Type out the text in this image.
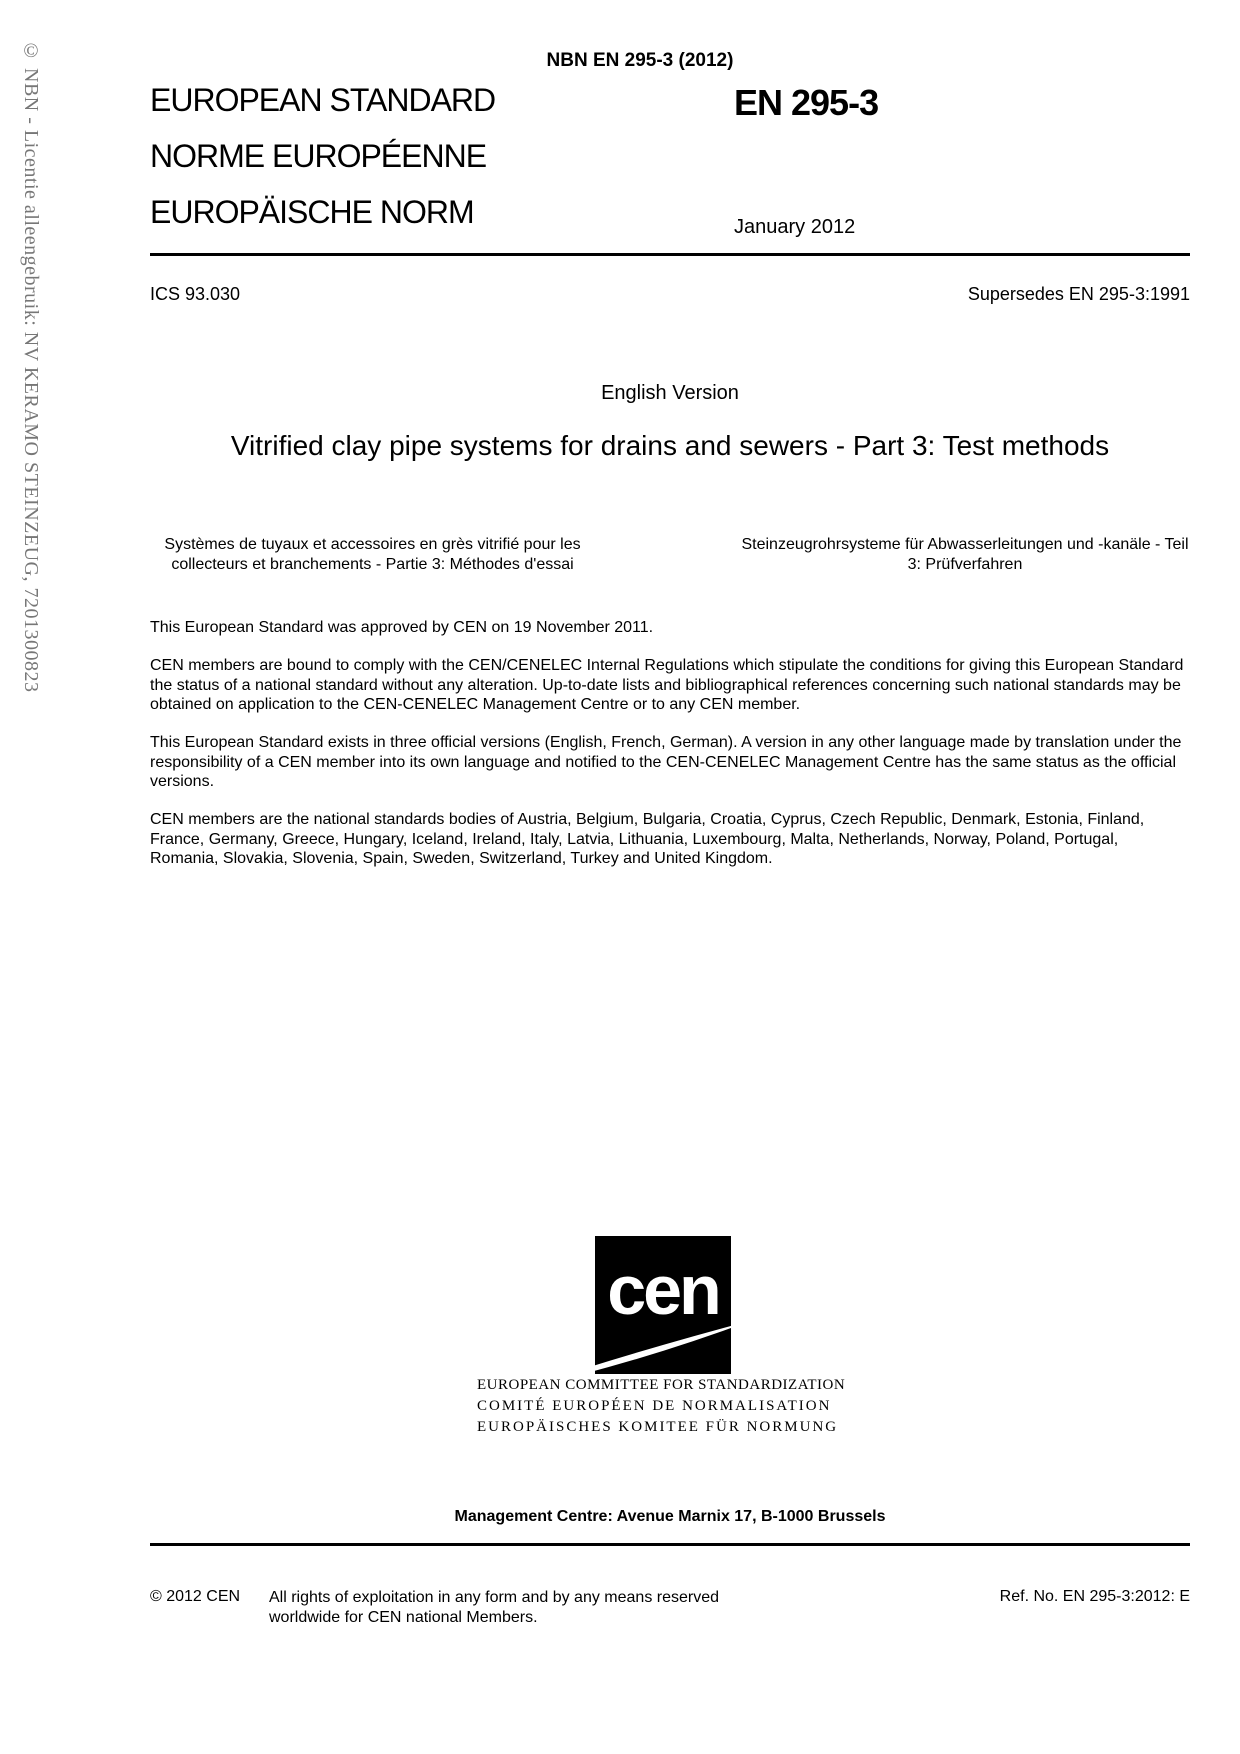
© NBN - Licentie alleengebruik: NV KERAMO STEINZEUG, 7201300823	NBN EN 295-3 (2012)
EUROPEAN STANDARD
NORME EUROPÉENNE
EUROPÄISCHE NORM
EN 295-3
January 2012
ICS 93.030	Supersedes EN 295-3:1991
English Version
Vitrified clay pipe systems for drains and sewers - Part 3: Test methods
Systèmes de tuyaux et accessoires en grès vitrifié pour les collecteurs et branchements - Partie 3: Méthodes d'essai
Steinzeugrohrsysteme für Abwasserleitungen und -kanäle - Teil 3: Prüfverfahren
This European Standard was approved by CEN on 19 November 2011.
CEN members are bound to comply with the CEN/CENELEC Internal Regulations which stipulate the conditions for giving this European Standard the status of a national standard without any alteration. Up-to-date lists and bibliographical references concerning such national standards may be obtained on application to the CEN-CENELEC Management Centre or to any CEN member.
This European Standard exists in three official versions (English, French, German). A version in any other language made by translation under the responsibility of a CEN member into its own language and notified to the CEN-CENELEC Management Centre has the same status as the official versions.
CEN members are the national standards bodies of Austria, Belgium, Bulgaria, Croatia, Cyprus, Czech Republic, Denmark, Estonia, Finland, France, Germany, Greece, Hungary, Iceland, Ireland, Italy, Latvia, Lithuania, Luxembourg, Malta, Netherlands, Norway, Poland, Portugal, Romania, Slovakia, Slovenia, Spain, Sweden, Switzerland, Turkey and United Kingdom.
cen
EUROPEAN COMMITTEE FOR STANDARDIZATION
COMITÉ EUROPÉEN DE NORMALISATION
EUROPÄISCHES KOMITEE FÜR NORMUNG
Management Centre: Avenue Marnix 17, B-1000 Brussels
© 2012 CEN All rights of exploitation in any form and by any means reserved worldwide for CEN national Members.
Ref. No. EN 295-3:2012: E
